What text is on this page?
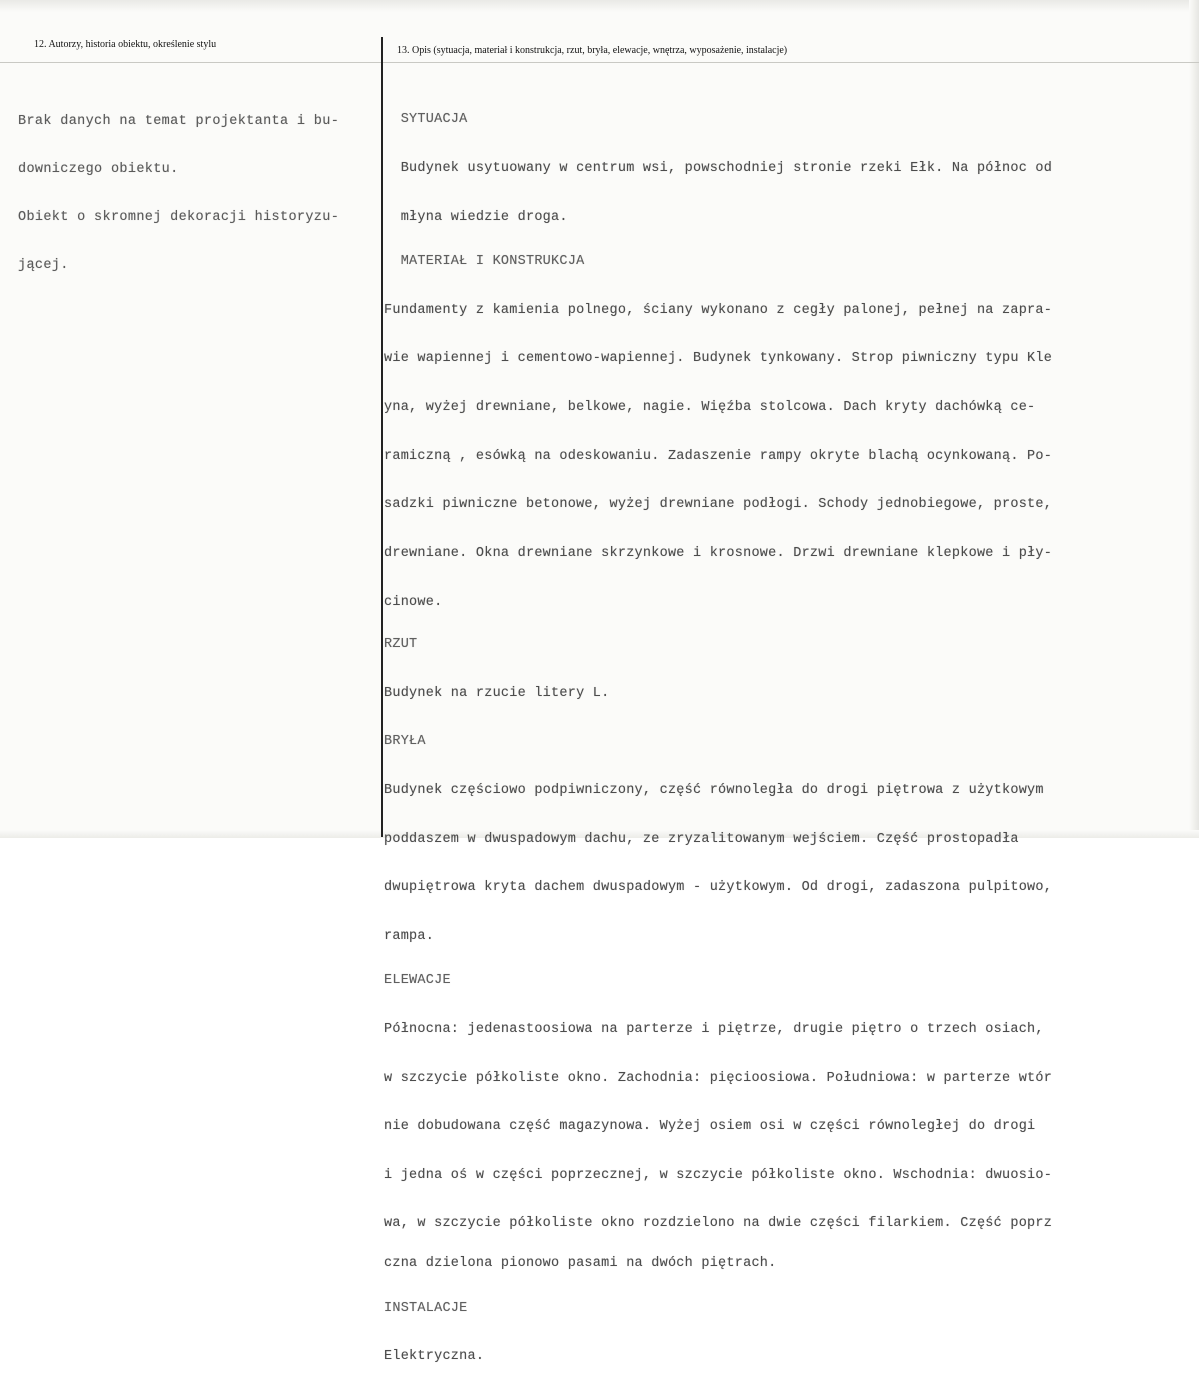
12. Autorzy, historia obiektu, określenie stylu
13. Opis (sytuacja, materiał i konstrukcja, rzut, bryła, elewacje, wnętrza, wyposażenie, instalacje)

Brak danych na temat projektanta i bu-

downiczego obiektu.

Obiekt o skromnej dekoracji historyzu-

jącej.

SYTUACJA

Budynek usytuowany w centrum wsi, powschodniej stronie rzeki Ełk. Na północ od

młyna wiedzie droga.

MATERIAŁ I KONSTRUKCJA

Fundamenty z kamienia polnego, ściany wykonano z cegły palonej, pełnej na zapra-

wie wapiennej i cementowo-wapiennej. Budynek tynkowany. Strop piwniczny typu Kle

yna, wyżej drewniane, belkowe, nagie. Więźba stolcowa. Dach kryty dachówką ce-

ramiczną , esówką na odeskowaniu. Zadaszenie rampy okryte blachą ocynkowaną. Po-

sadzki piwniczne betonowe, wyżej drewniane podłogi. Schody jednobiegowe, proste,

drewniane. Okna drewniane skrzynkowe i krosnowe. Drzwi drewniane klepkowe i pły-

cinowe.

RZUT

Budynek na rzucie litery L.

BRYŁA

Budynek częściowo podpiwniczony, część równoległa do drogi piętrowa z użytkowym

poddaszem w dwuspadowym dachu, ze zryzalitowanym wejściem. Część prostopadła

dwupiętrowa kryta dachem dwuspadowym - użytkowym. Od drogi, zadaszona pulpitowo,

rampa.

ELEWACJE

Północna: jedenastoosiowa na parterze i piętrze, drugie piętro o trzech osiach,

w szczycie półkoliste okno. Zachodnia: pięcioosiowa. Południowa: w parterze wtór

nie dobudowana część magazynowa. Wyżej osiem osi w części równoległej do drogi

i jedna oś w części poprzecznej, w szczycie półkoliste okno. Wschodnia: dwuosio-

wa, w szczycie półkoliste okno rozdzielono na dwie części filarkiem. Część poprz

czna dzielona pionowo pasami na dwóch piętrach.

INSTALACJE

Elektryczna.
